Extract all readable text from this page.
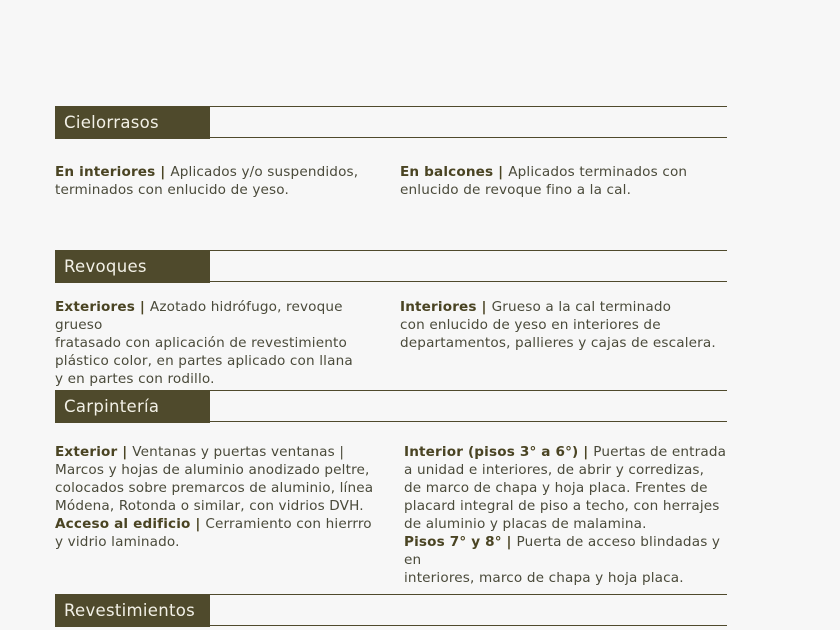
Cielorrasos
Revoques
Carpintería
Revestimientos

En interiores | Aplicados y/o suspendidos,

terminados con enlucido de yeso.

En balcones | Aplicados terminados con

enlucido de revoque fino a la cal.

Exteriores | Azotado hidrófugo, revoque grueso

fratasado con aplicación de revestimiento

plástico color, en partes aplicado con llana

y en partes con rodillo.

Interiores | Grueso a la cal terminado

con enlucido de yeso en interiores de

departamentos, pallieres y cajas de escalera.

Exterior | Ventanas y puertas ventanas |

Marcos y hojas de aluminio anodizado peltre,

colocados sobre premarcos de aluminio, línea

Módena, Rotonda o similar, con vidrios DVH.

Acceso al edificio | Cerramiento con hierrro

y vidrio laminado.

Interior (pisos 3° a 6°) | Puertas de entrada

a unidad e interiores, de abrir y corredizas,

de marco de chapa y hoja placa. Frentes de

placard integral de piso a techo, con herrajes

de aluminio y placas de malamina.

Pisos 7° y 8° | Puerta de acceso blindadas y en

interiores, marco de chapa y hoja placa.
